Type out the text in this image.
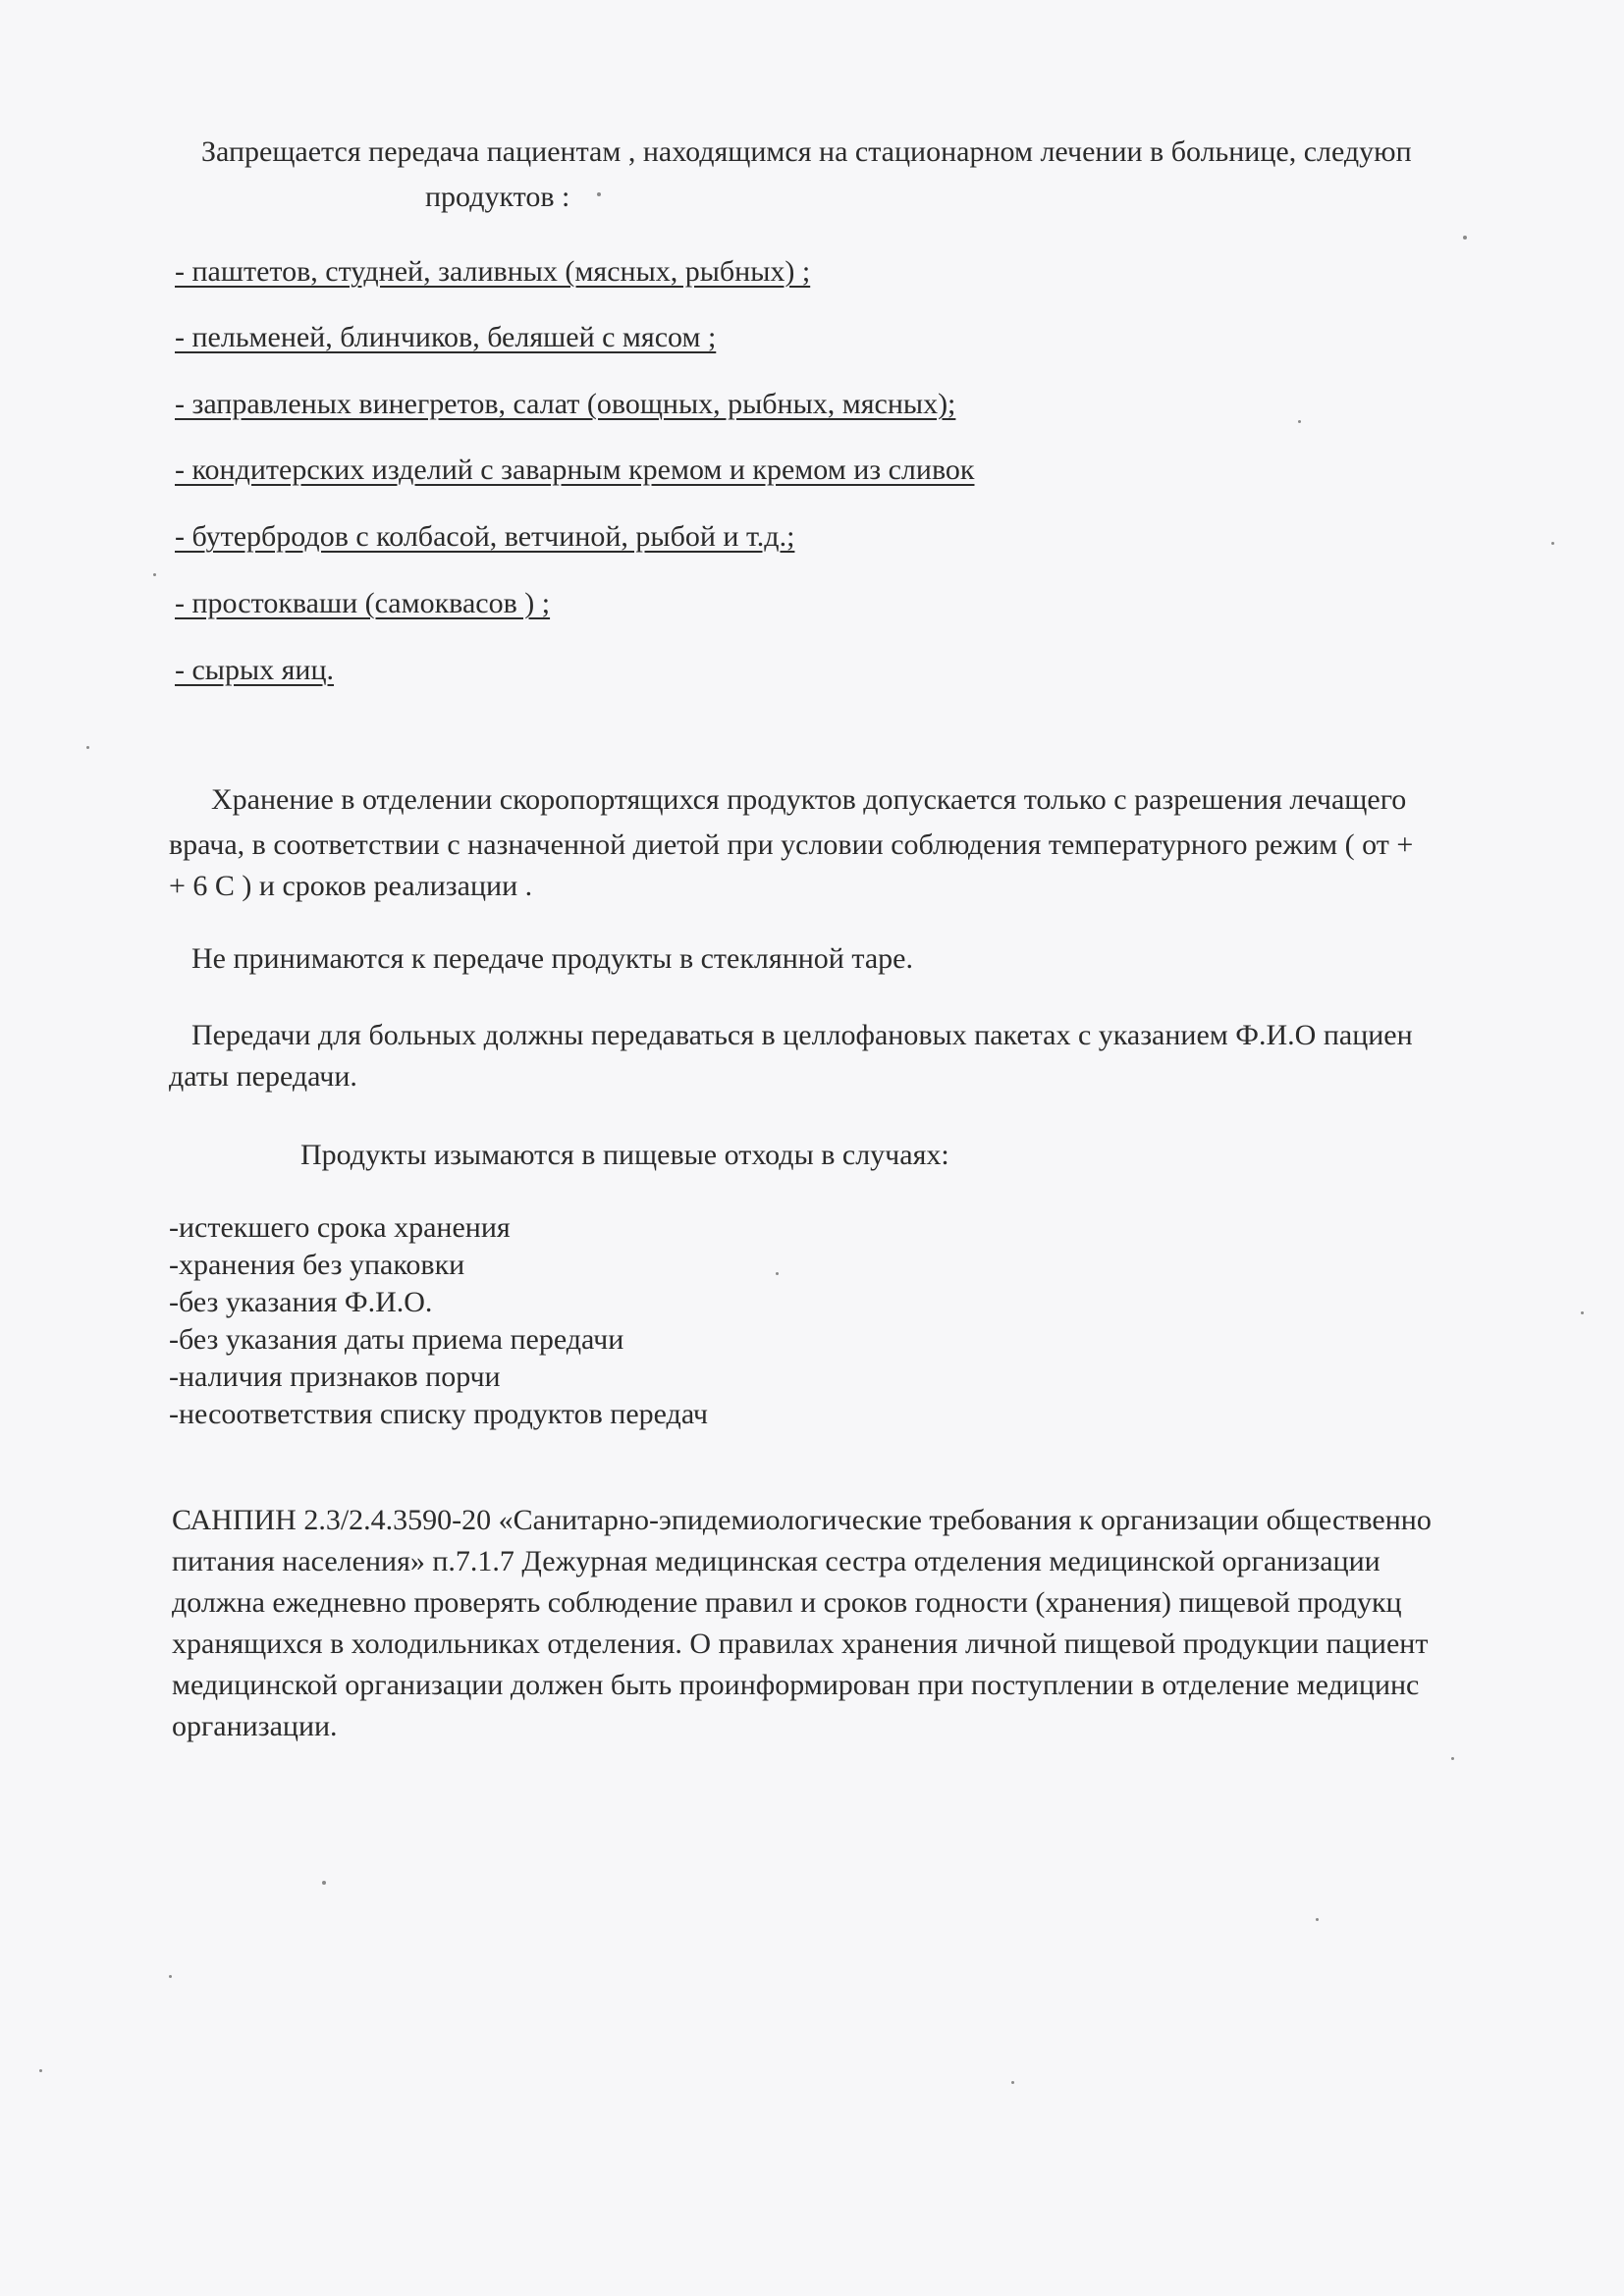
Запрещается передача пациентам , находящимся на стационарном лечении в больнице, следуюп
продуктов :
- паштетов, студней, заливных (мясных, рыбных) ;
- пельменей, блинчиков, беляшей с мясом ;
- заправленых винегретов, салат (овощных, рыбных, мясных);
- кондитерских изделий с заварным кремом и кремом из сливок
- бутербродов с колбасой, ветчиной, рыбой и т.д.;
- простокваши (самоквасов ) ;
- сырых яиц.
Хранение в отделении скоропортящихся продуктов допускается только с разрешения лечащего
врача, в соответствии с назначенной диетой при условии соблюдения температурного режим ( от +
+ 6 С ) и сроков реализации .
Не принимаются к передаче продукты в стеклянной таре.
Передачи для больных должны передаваться в целлофановых пакетах с указанием Ф.И.О пациен
даты передачи.
Продукты изымаются в пищевые отходы в случаях:
-истекшего срока хранения
-хранения без упаковки
-без указания Ф.И.О.
-без указания даты приема передачи
-наличия признаков порчи
-несоответствия списку продуктов передач
САНПИН 2.3/2.4.3590-20 «Санитарно-эпидемиологические требования к организации общественно
питания населения» п.7.1.7 Дежурная медицинская сестра отделения медицинской организации
должна ежедневно проверять соблюдение правил и сроков годности (хранения) пищевой продукц
хранящихся в холодильниках отделения. О правилах хранения личной пищевой продукции пациент
медицинской организации должен быть проинформирован при поступлении в отделение медицинс
организации.
